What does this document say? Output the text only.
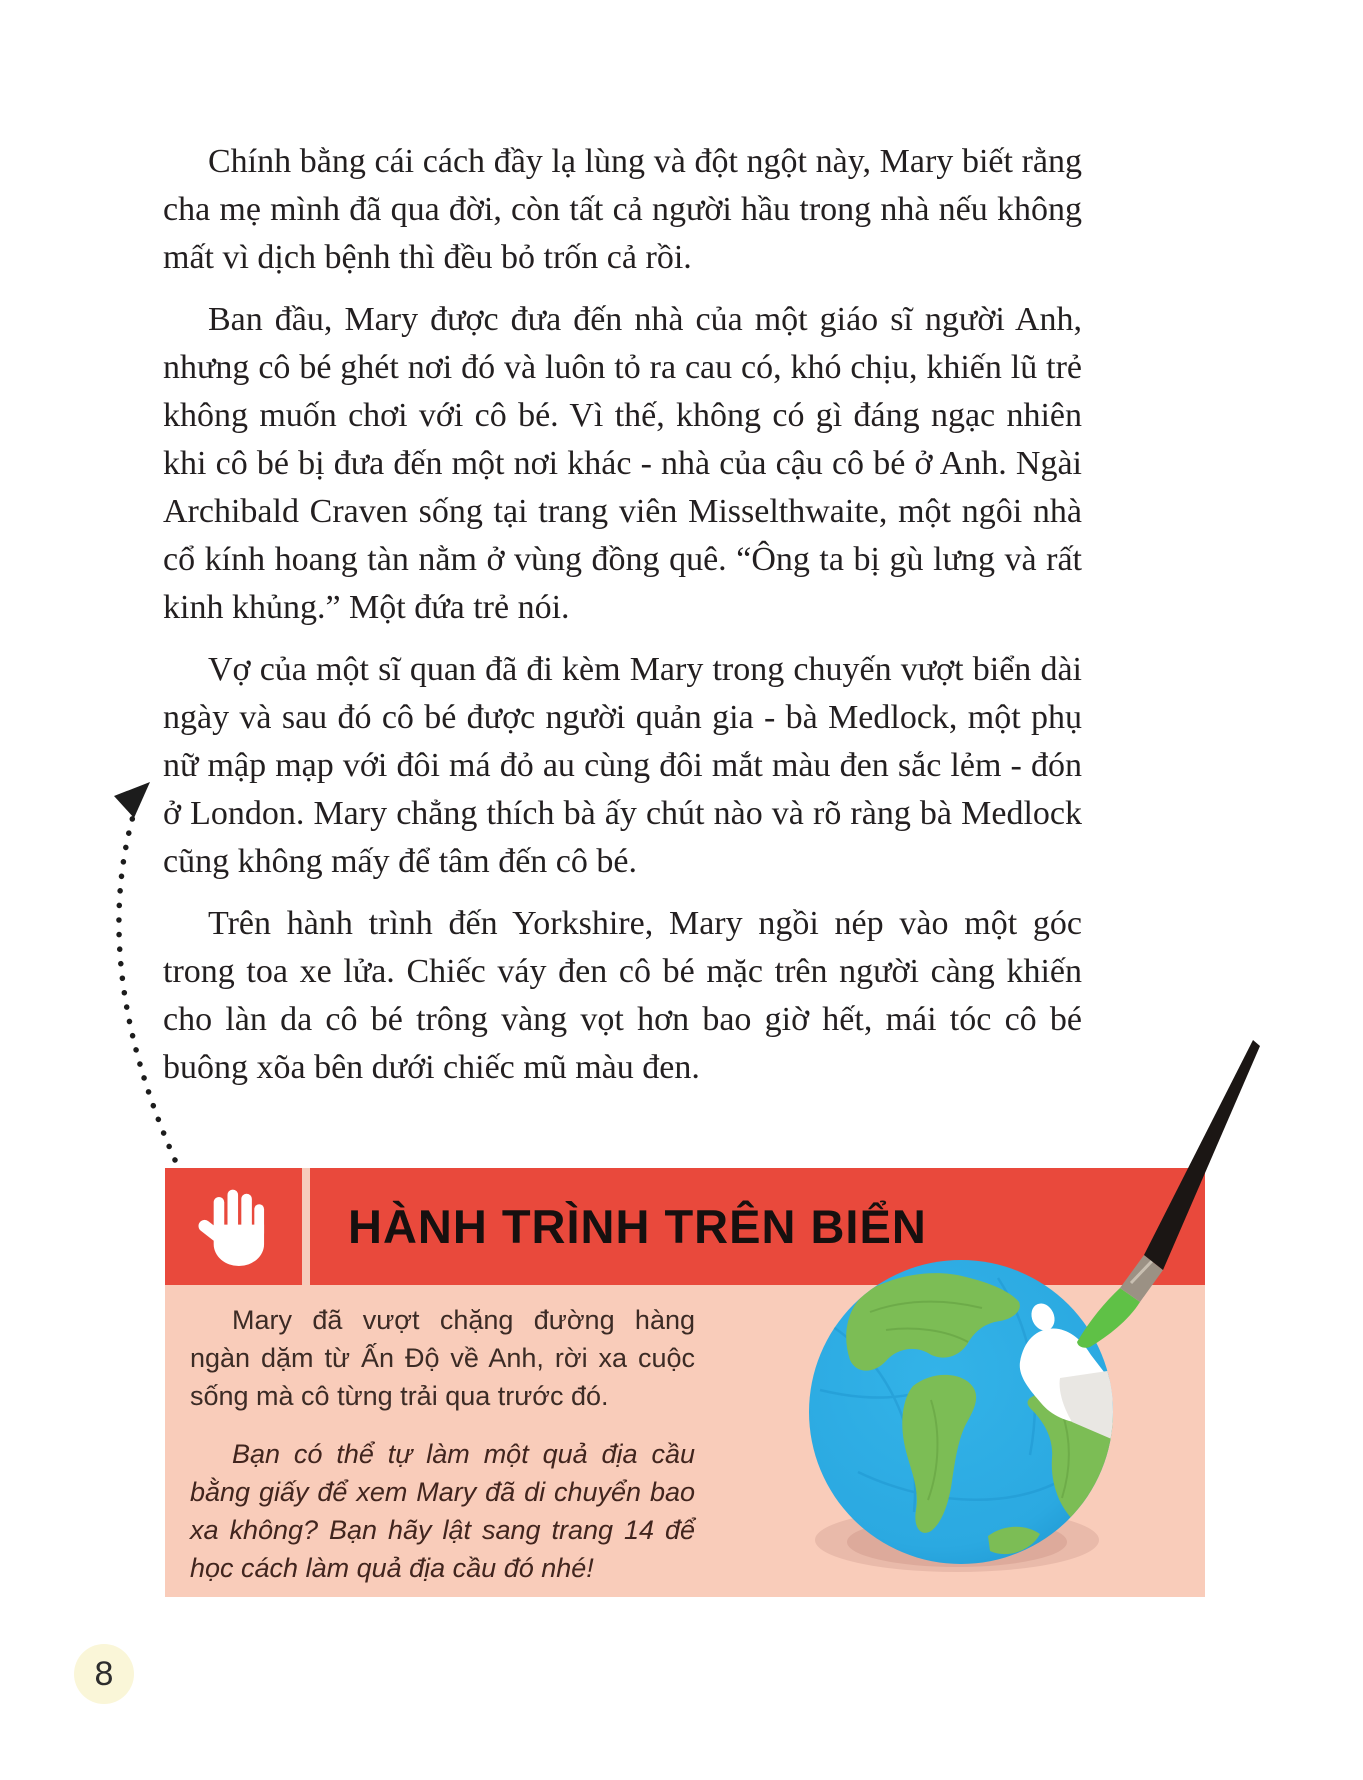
Chính bằng cái cách đầy lạ lùng và đột ngột này, Mary biết rằng cha mẹ mình đã qua đời, còn tất cả người hầu trong nhà nếu không mất vì dịch bệnh thì đều bỏ trốn cả rồi.

Ban đầu, Mary được đưa đến nhà của một giáo sĩ người Anh, nhưng cô bé ghét nơi đó và luôn tỏ ra cau có, khó chịu, khiến lũ trẻ không muốn chơi với cô bé. Vì thế, không có gì đáng ngạc nhiên khi cô bé bị đưa đến một nơi khác - nhà của cậu cô bé ở Anh. Ngài Archibald Craven sống tại trang viên Misselthwaite, một ngôi nhà cổ kính hoang tàn nằm ở vùng đồng quê. “Ông ta bị gù lưng và rất kinh khủng.” Một đứa trẻ nói.

Vợ của một sĩ quan đã đi kèm Mary trong chuyến vượt biển dài ngày và sau đó cô bé được người quản gia - bà Medlock, một phụ nữ mập mạp với đôi má đỏ au cùng đôi mắt màu đen sắc lẻm - đón ở London. Mary chẳng thích bà ấy chút nào và rõ ràng bà Medlock cũng không mấy để tâm đến cô bé.

Trên hành trình đến Yorkshire, Mary ngồi nép vào một góc trong toa xe lửa. Chiếc váy đen cô bé mặc trên người càng khiến cho làn da cô bé trông vàng vọt hơn bao giờ hết, mái tóc cô bé buông xõa bên dưới chiếc mũ màu đen.

HÀNH TRÌNH TRÊN BIỂN

Mary đã vượt chặng đường hàng ngàn dặm từ Ấn Độ về Anh, rời xa cuộc sống mà cô từng trải qua trước đó.

Bạn có thể tự làm một quả địa cầu bằng giấy để xem Mary đã di chuyển bao xa không? Bạn hãy lật sang trang 14 để học cách làm quả địa cầu đó nhé!

8
